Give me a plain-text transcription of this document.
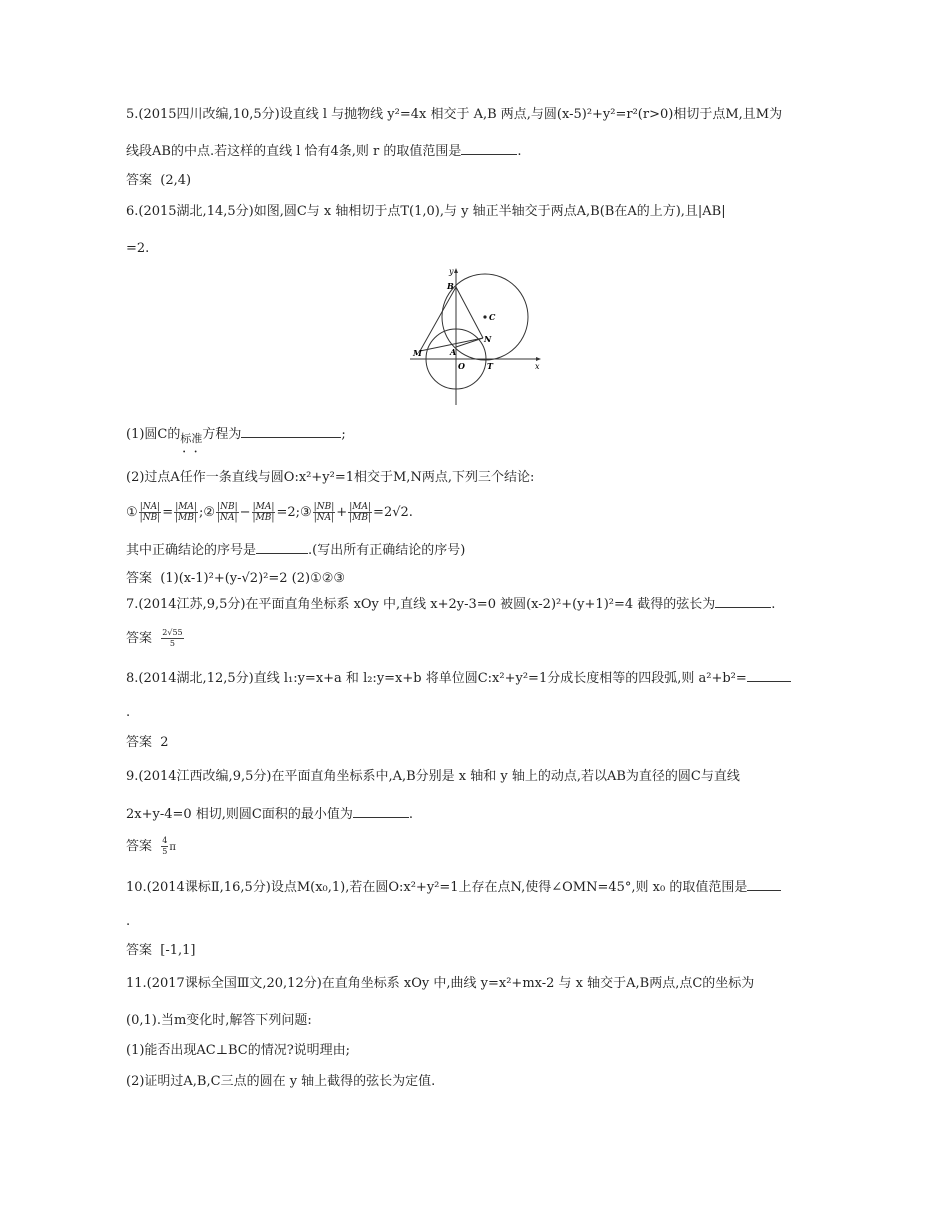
5.(2015四川改编,10,5分)设直线 l 与抛物线 y²=4x 相交于 A,B 两点,与圆(x-5)²+y²=r²(r>0)相切于点M,且M为
线段AB的中点.若这样的直线 l 恰有4条,则 r 的取值范围是	.
答案 (2,4)
6.(2015湖北,14,5分)如图,圆C与 x 轴相切于点T(1,0),与 y 轴正半轴交于两点A,B(B在A的上方),且|AB|
=2.
y
x
B
C
N
M	A
O	T
(1)圆C的标准 • •方程为	;
(2)过点A任作一条直线与圆O:x²+y²=1相交于M,N两点,下列三个结论:
① $\frac{|NA|}{|NB|} = \frac{|MA|}{|MB|}$ ;② $\frac{|NB|}{|NA|} - \frac{|MA|}{|MB|}$ =2;③ $\frac{|NB|}{|NA|} + \frac{|MA|}{|MB|} =2√2$.
其中正确结论的序号是	.(写出所有正确结论的序号)
答案 (1)(x-1)²+(y-√2)²=2 (2)①②③
7.(2014江苏,9,5分)在平面直角坐标系 xOy 中,直线 x+2y-3=0 被圆(x-2)²+(y+1)²=4 截得的弦长为	.
答案 $\frac{2√55}{5}$
8.(2014湖北,12,5分)直线 l₁:y=x+a 和 l₂:y=x+b 将单位圆C:x²+y²=1分成长度相等的四段弧,则 a²+b²=
.
答案 2
9.(2014江西改编,9,5分)在平面直角坐标系中,A,B分别是 x 轴和 y 轴上的动点,若以AB为直径的圆C与直线
2x+y-4=0 相切,则圆C面积的最小值为	.
答案 $\frac{4}{5}$ π
10.(2014课标Ⅱ,16,5分)设点M(x₀,1),若在圆O:x²+y²=1上存在点N,使得∠OMN=45°,则 x₀ 的取值范围是
.
答案 [-1,1]
11.(2017课标全国Ⅲ文,20,12分)在直角坐标系 xOy 中,曲线 y=x²+mx-2 与 x 轴交于A,B两点,点C的坐标为
(0,1).当m变化时,解答下列问题:
(1)能否出现AC⊥BC的情况?说明理由;
(2)证明过A,B,C三点的圆在 y 轴上截得的弦长为定值.
